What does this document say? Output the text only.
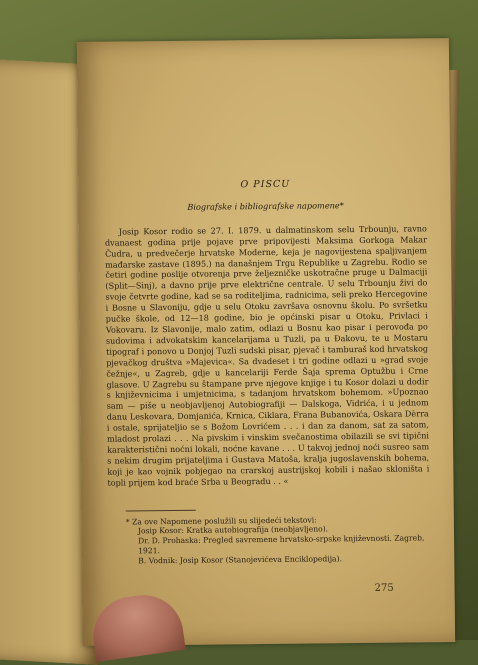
O PISCU
Biografske i bibliografske napomene*

Josip Kosor rodio se 27. I. 1879. u dalmatinskom selu Trbounju, ravno dvanaest godina prije pojave prve pripovijesti Maksima Gorkoga Makar Čudra, u predvečerje hrvatske Moderne, keja je nagovijestena spaljivanjem mađarske zastave (1895.) na današnjem Trgu Republike u Zagrebu. Rodio se četiri godine poslije otvorenja prve željezničke uskotračne pruge u Dalmaciji (Split—Sinj), a davno prije prve električne centrale. U selu Trbounju živi do svoje četvrte godine, kad se sa roditeljima, radnicima, seli preko Hercegovine i Bosne u Slavoniju, gdje u selu Otoku završava osnovnu školu. Po svršetku pučke škole, od 12—18 godine, bio je općinski pisar u Otoku, Privlaci i Vokovaru. Iz Slavonije, malo zatim, odlazi u Bosnu kao pisar i perovođa po sudovima i advokatskim kancelarijama u Tuzli, pa u Đakovu, te u Mostaru tipograf i ponovo u Donjoj Tuzli sudski pisar, pjevač i tamburaš kod hrvatskog pjevačkog društva »Majevica«. Sa dvadeset i tri godine odlazi u »grad svoje čežnje«, u Zagreb, gdje u kancelariji Ferde Šaja sprema Optužbu i Crne glasove. U Zagrebu su štampane prve njegove knjige i tu Kosor dolazi u dodir s književnicima i umjetnicima, s tadanjom hrvatskom bohemom. »Upoznao sam — piše u neobjavljenoj Autobiografiji — Dalskoga, Vidrića, i u jednom danu Leskovara, Domjanića, Krnica, Ciklara, Frana Bubanovića, Oskara Dèrra i ostale, sprijateljio se s Božom Lovrićem . . . i dan za danom, sat za satom, mladost prolazi . . . Na pivskim i vinskim svečanostima obilazili se svi tipični karakteristični noćni lokali, noćne kavane . . . U takvoj jednoj noći susreo sam s nekim drugim prijateljima i Gustava Matoša, kralja jugoslavenskih bohema, koji je kao vojnik pobjegao na crarskoj austrijskoj kobili i našao skloništa i topli prijem kod braće Srba u Beogradu . . «

* Za ove Napomene poslužili su slijedeći tekstovi:
Josip Kosor: Kratka autobiografija (neobjavljeno).
Dr. D. Prohaska: Pregled savremene hrvatsko-srpske književnosti. Zagreb, 1921.
B. Vodnik: Josip Kosor (Stanojevićeva Enciklopedija).
275
